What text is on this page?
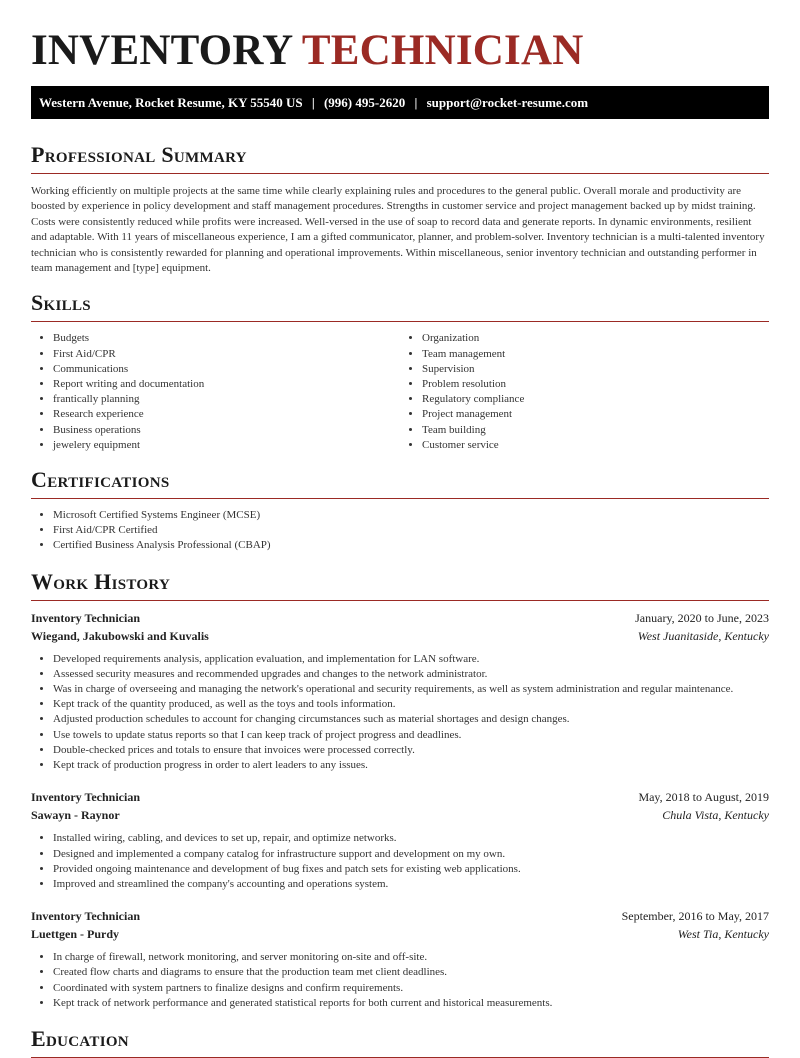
INVENTORY TECHNICIAN
Western Avenue, Rocket Resume, KY 55540 US | (996) 495-2620 | support@rocket-resume.com
Professional Summary

Working efficiently on multiple projects at the same time while clearly explaining rules and procedures to the general public. Overall morale and productivity are boosted by experience in policy development and staff management procedures. Strengths in customer service and project management backed up by midst training. Costs were consistently reduced while profits were increased. Well-versed in the use of soap to record data and generate reports. In dynamic environments, resilient and adaptable. With 11 years of miscellaneous experience, I am a gifted communicator, planner, and problem-solver. Inventory technician is a multi-talented inventory technician who is consistently rewarded for planning and operational improvements. Within miscellaneous, senior inventory technician and outstanding performer in team management and [type] equipment.

Skills
• Budgets
• First Aid/CPR
• Communications
• Report writing and documentation
• frantically planning
• Research experience
• Business operations
• jewelery equipment
• Organization
• Team management
• Supervision
• Problem resolution
• Regulatory compliance
• Project management
• Team building
• Customer service
Certifications
• Microsoft Certified Systems Engineer (MCSE)
• First Aid/CPR Certified
• Certified Business Analysis Professional (CBAP)
Work History
Inventory Technician	January, 2020 to June, 2023
Wiegand, Jakubowski and Kuvalis	West Juanitaside, Kentucky
• Developed requirements analysis, application evaluation, and implementation for LAN software.
• Assessed security measures and recommended upgrades and changes to the network administrator.
• Was in charge of overseeing and managing the network's operational and security requirements, as well as system administration and regular maintenance.
• Kept track of the quantity produced, as well as the toys and tools information.
• Adjusted production schedules to account for changing circumstances such as material shortages and design changes.
• Use towels to update status reports so that I can keep track of project progress and deadlines.
• Double-checked prices and totals to ensure that invoices were processed correctly.
• Kept track of production progress in order to alert leaders to any issues.
Inventory Technician	May, 2018 to August, 2019
Sawayn - Raynor	Chula Vista, Kentucky
• Installed wiring, cabling, and devices to set up, repair, and optimize networks.
• Designed and implemented a company catalog for infrastructure support and development on my own.
• Provided ongoing maintenance and development of bug fixes and patch sets for existing web applications.
• Improved and streamlined the company's accounting and operations system.
Inventory Technician	September, 2016 to May, 2017
Luettgen - Purdy	West Tia, Kentucky
• In charge of firewall, network monitoring, and server monitoring on-site and off-site.
• Created flow charts and diagrams to ensure that the production team met client deadlines.
• Coordinated with system partners to finalize designs and confirm requirements.
• Kept track of network performance and generated statistical reports for both current and historical measurements.
Education
